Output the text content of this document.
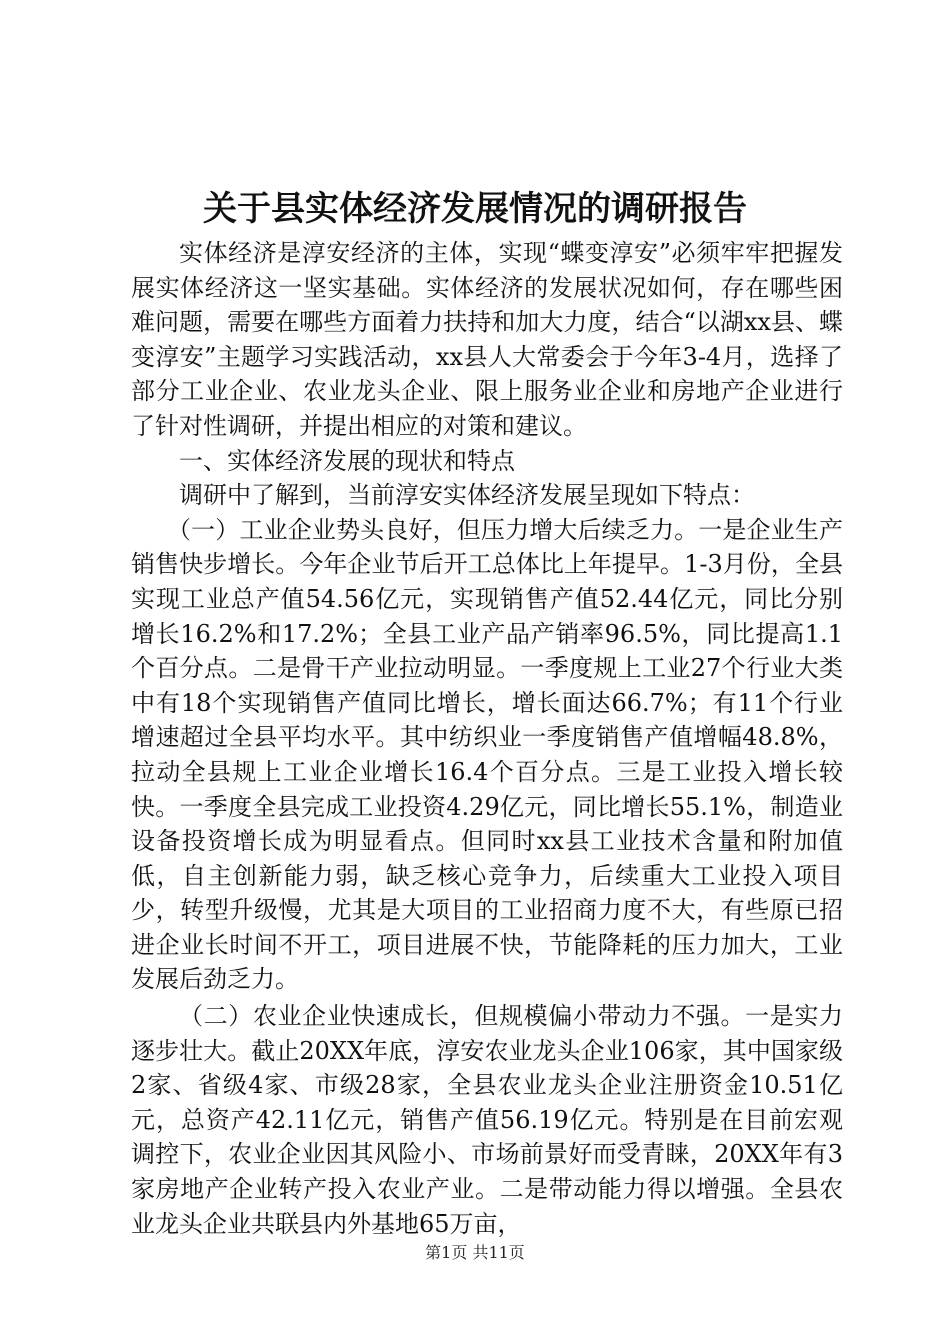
关于县实体经济发展情况的调研报告

实体经济是淳安经济的主体，实现“蝶变淳安”必须牢牢把握发展实体经济这一坚实基础。实体经济的发展状况如何，存在哪些困难问题，需要在哪些方面着力扶持和加大力度，结合“以湖xx县、蝶变淳安”主题学习实践活动，xx县人大常委会于今年3-4月，选择了部分工业企业、农业龙头企业、限上服务业企业和房地产企业进行了针对性调研，并提出相应的对策和建议。

一、实体经济发展的现状和特点

调研中了解到，当前淳安实体经济发展呈现如下特点：

（一）工业企业势头良好，但压力增大后续乏力。一是企业生产销售快步增长。今年企业节后开工总体比上年提早。1-3月份，全县实现工业总产值54.56亿元，实现销售产值52.44亿元，同比分别增长16.2%和17.2%；全县工业产品产销率96.5%，同比提高1.1个百分点。二是骨干产业拉动明显。一季度规上工业27个行业大类中有18个实现销售产值同比增长，增长面达66.7%；有11个行业增速超过全县平均水平。其中纺织业一季度销售产值增幅48.8%，拉动全县规上工业企业增长16.4个百分点。三是工业投入增长较快。一季度全县完成工业投资4.29亿元，同比增长55.1%，制造业设备投资增长成为明显看点。但同时xx县工业技术含量和附加值低，自主创新能力弱，缺乏核心竞争力，后续重大工业投入项目少，转型升级慢，尤其是大项目的工业招商力度不大，有些原已招进企业长时间不开工，项目进展不快，节能降耗的压力加大，工业发展后劲乏力。

（二）农业企业快速成长，但规模偏小带动力不强。一是实力逐步壮大。截止20XX年底，淳安农业龙头企业106家，其中国家级2家、省级4家、市级28家，全县农业龙头企业注册资金10.51亿元，总资产42.11亿元，销售产值56.19亿元。特别是在目前宏观调控下，农业企业因其风险小、市场前景好而受青睐，20XX年有3家房地产企业转产投入农业产业。二是带动能力得以增强。全县农业龙头企业共联县内外基地65万亩，

第1页 共11页
